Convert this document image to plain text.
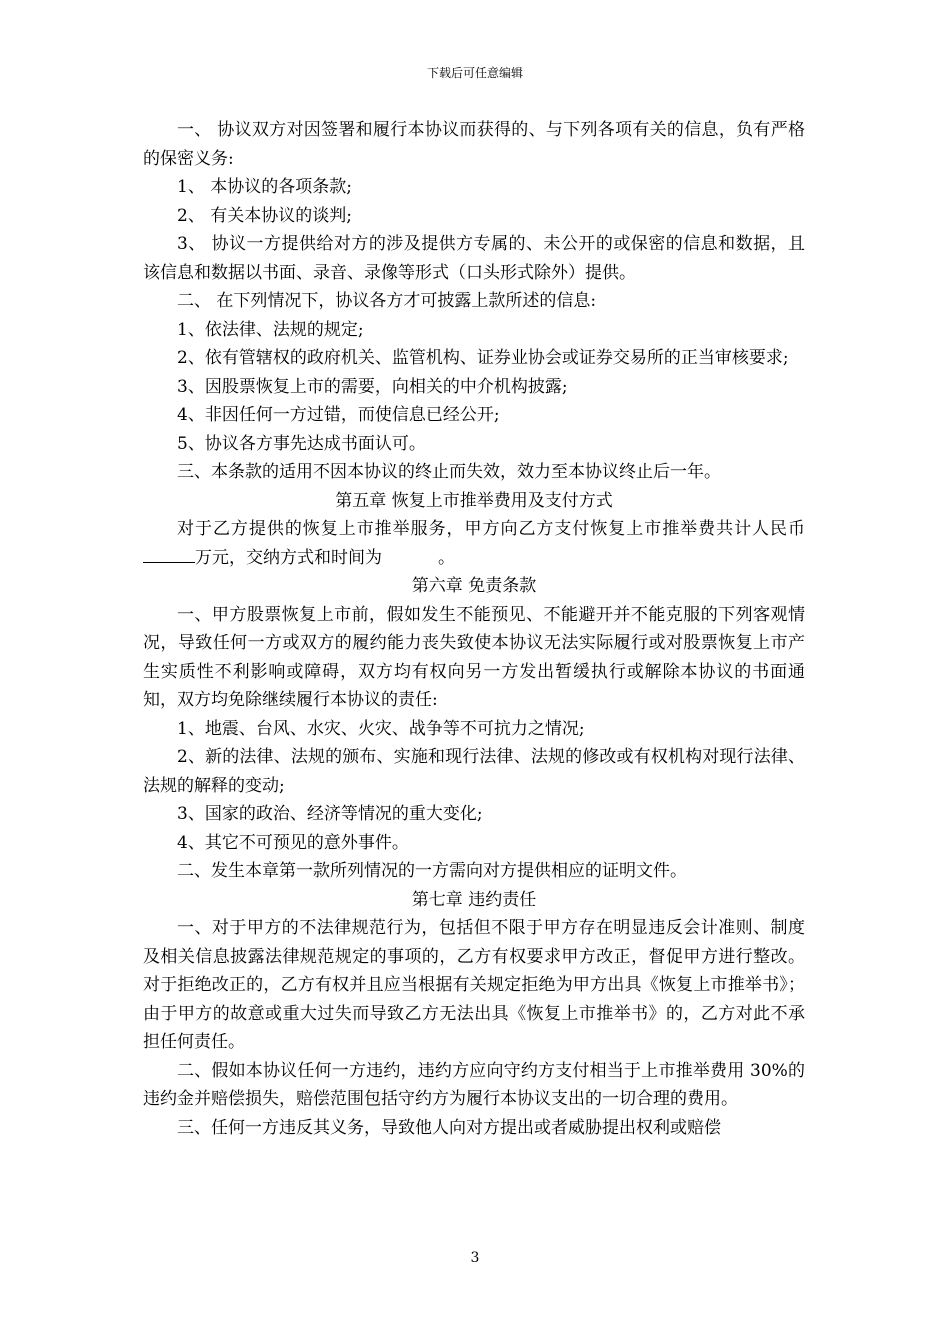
下载后可任意编辑

一、 协议双方对因签署和履行本协议而获得的、与下列各项有关的信息，负有严格的保密义务:

1、 本协议的各项条款;

2、 有关本协议的谈判;

3、 协议一方提供给对方的涉及提供方专属的、未公开的或保密的信息和数据，且该信息和数据以书面、录音、录像等形式（口头形式除外）提供。

二、 在下列情况下，协议各方才可披露上款所述的信息:

1、依法律、法规的规定;

2、依有管辖权的政府机关、监管机构、证券业协会或证券交易所的正当审核要求;

3、因股票恢复上市的需要，向相关的中介机构披露;

4、非因任何一方过错，而使信息已经公开;

5、协议各方事先达成书面认可。

三、本条款的适用不因本协议的终止而失效，效力至本协议终止后一年。

第五章 恢复上市推举费用及支付方式

对于乙方提供的恢复上市推举服务，甲方向乙方支付恢复上市推举费共计人民币万元，交纳方式和时间为	。

第六章 免责条款

一、甲方股票恢复上市前，假如发生不能预见、不能避开并不能克服的下列客观情况，导致任何一方或双方的履约能力丧失致使本协议无法实际履行或对股票恢复上市产生实质性不利影响或障碍，双方均有权向另一方发出暂缓执行或解除本协议的书面通知，双方均免除继续履行本协议的责任:

1、地震、台风、水灾、火灾、战争等不可抗力之情况;

2、新的法律、法规的颁布、实施和现行法律、法规的修改或有权机构对现行法律、法规的解释的变动;

3、国家的政治、经济等情况的重大变化;

4、其它不可预见的意外事件。

二、发生本章第一款所列情况的一方需向对方提供相应的证明文件。

第七章 违约责任

一、对于甲方的不法律规范行为，包括但不限于甲方存在明显违反会计准则、制度及相关信息披露法律规范规定的事项的，乙方有权要求甲方改正，督促甲方进行整改。对于拒绝改正的，乙方有权并且应当根据有关规定拒绝为甲方出具《恢复上市推举书》；由于甲方的故意或重大过失而导致乙方无法出具《恢复上市推举书》的，乙方对此不承担任何责任。

二、假如本协议任何一方违约，违约方应向守约方支付相当于上市推举费用 30%的违约金并赔偿损失，赔偿范围包括守约方为履行本协议支出的一切合理的费用。

三、任何一方违反其义务，导致他人向对方提出或者威胁提出权利或赔偿

3
